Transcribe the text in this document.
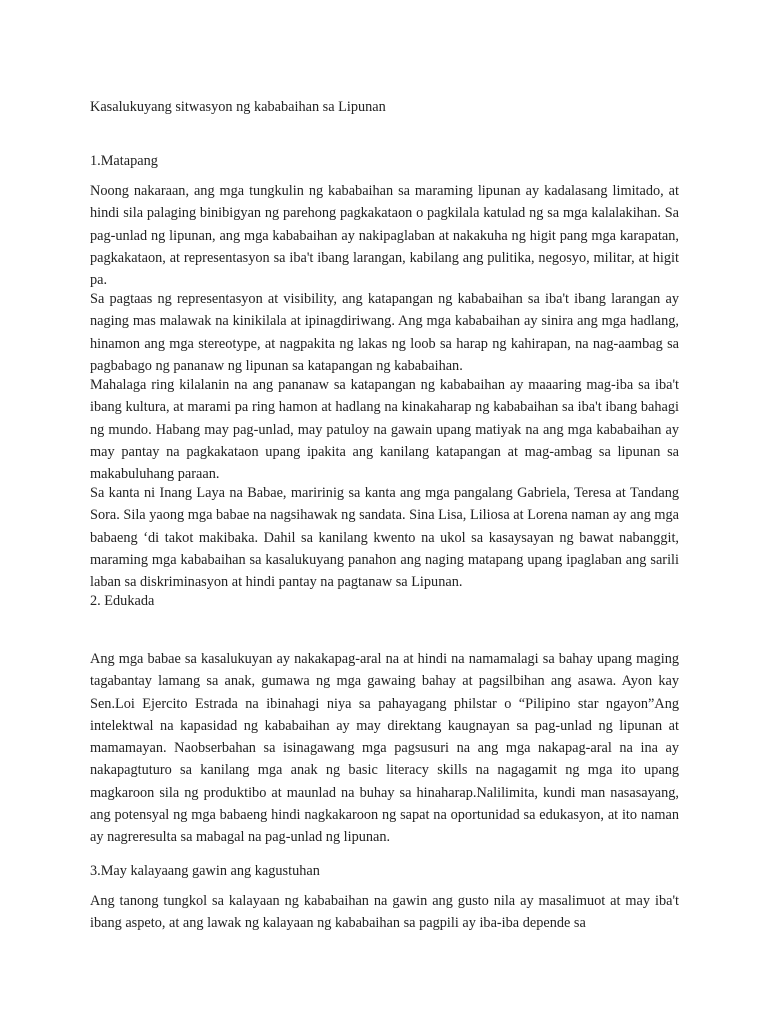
Kasalukuyang sitwasyon ng kababaihan sa Lipunan
1.Matapang

Noong nakaraan, ang mga tungkulin ng kababaihan sa maraming lipunan ay kadalasang limitado, at hindi sila palaging binibigyan ng parehong pagkakataon o pagkilala katulad ng sa mga kalalakihan. Sa pag-unlad ng lipunan, ang mga kababaihan ay nakipaglaban at nakakuha ng higit pang mga karapatan, pagkakataon, at representasyon sa iba't ibang larangan, kabilang ang pulitika, negosyo, militar, at higit pa.

Sa pagtaas ng representasyon at visibility, ang katapangan ng kababaihan sa iba't ibang larangan ay naging mas malawak na kinikilala at ipinagdiriwang. Ang mga kababaihan ay sinira ang mga hadlang, hinamon ang mga stereotype, at nagpakita ng lakas ng loob sa harap ng kahirapan, na nag-aambag sa pagbabago ng pananaw ng lipunan sa katapangan ng kababaihan.

Mahalaga ring kilalanin na ang pananaw sa katapangan ng kababaihan ay maaaring mag-iba sa iba't ibang kultura, at marami pa ring hamon at hadlang na kinakaharap ng kababaihan sa iba't ibang bahagi ng mundo. Habang may pag-unlad, may patuloy na gawain upang matiyak na ang mga kababaihan ay may pantay na pagkakataon upang ipakita ang kanilang katapangan at mag-ambag sa lipunan sa makabuluhang paraan.

Sa kanta ni Inang Laya na Babae, maririnig sa kanta ang mga pangalang Gabriela, Teresa at Tandang Sora. Sila yaong mga babae na nagsihawak ng sandata. Sina Lisa, Liliosa at Lorena naman ay ang mga babaeng ‘di takot makibaka. Dahil sa kanilang kwento na ukol sa kasaysayan ng bawat nabanggit, maraming mga kababaihan sa kasalukuyang panahon ang naging matapang upang ipaglaban ang sarili laban sa diskriminasyon at hindi pantay na pagtanaw sa Lipunan.

2. Edukada

Ang mga babae sa kasalukuyan ay nakakapag-aral na at hindi na namamalagi sa bahay upang maging tagabantay lamang sa anak, gumawa ng mga gawaing bahay at pagsilbihan ang asawa. Ayon kay Sen.Loi Ejercito Estrada na ibinahagi niya sa pahayagang philstar o “Pilipino star ngayon”Ang intelektwal na kapasidad ng kababaihan ay may direktang kaugnayan sa pag-unlad ng lipunan at mamamayan. Naobserbahan sa isinagawang mga pagsusuri na ang mga nakapag-aral na ina ay nakapagtuturo sa kanilang mga anak ng basic literacy skills na nagagamit ng mga ito upang magkaroon sila ng produktibo at maunlad na buhay sa hinaharap.Nalilimita, kundi man nasasayang, ang potensyal ng mga babaeng hindi nagkakaroon ng sapat na oportunidad sa edukasyon, at ito naman ay nagreresulta sa mabagal na pag-unlad ng lipunan.

3.May kalayaang gawin ang kagustuhan

Ang tanong tungkol sa kalayaan ng kababaihan na gawin ang gusto nila ay masalimuot at may iba't ibang aspeto, at ang lawak ng kalayaan ng kababaihan sa pagpili ay iba-iba depende sa
